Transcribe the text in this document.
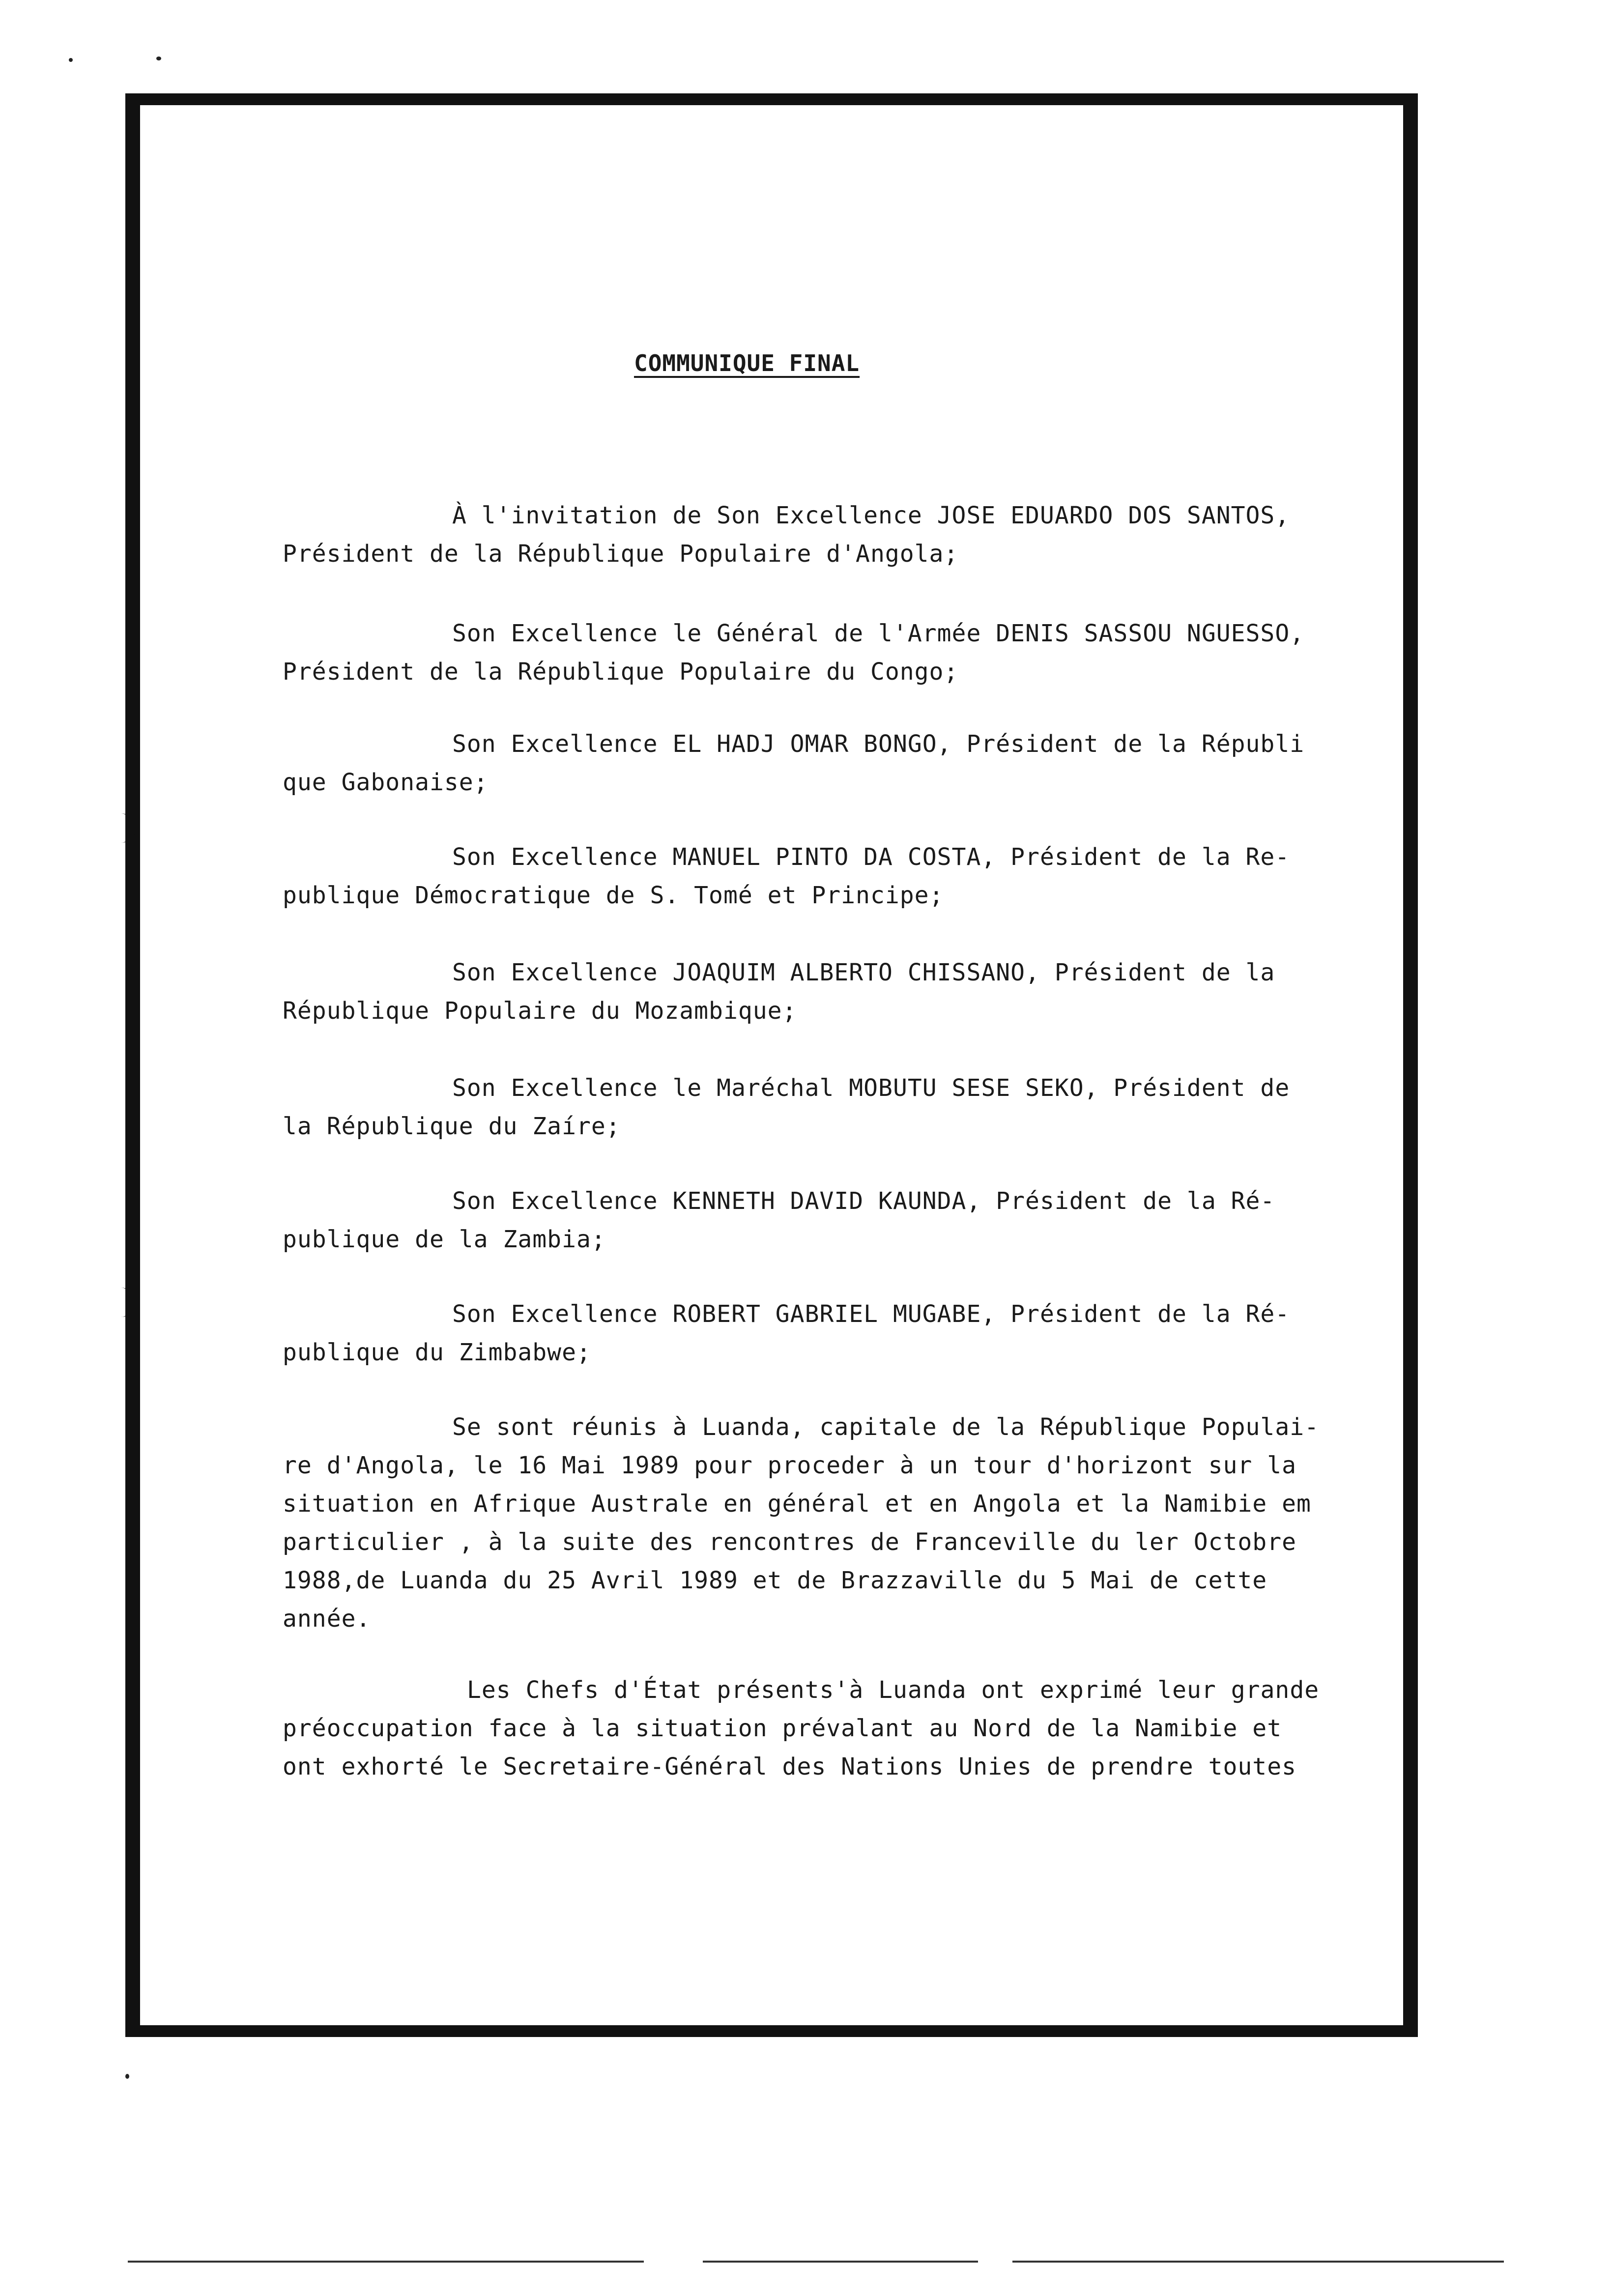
COMMUNIQUE FINAL
À l'invitation de Son Excellence JOSE EDUARDO DOS SANTOS,
Président de la République Populaire d'Angola;
Son Excellence le Général de l'Armée DENIS SASSOU NGUESSO,
Président de la République Populaire du Congo;
Son Excellence EL HADJ OMAR BONGO, Président de la Républi
que Gabonaise;
Son Excellence MANUEL PINTO DA COSTA, Président de la Re-
publique Démocratique de S. Tomé et Principe;
Son Excellence JOAQUIM ALBERTO CHISSANO, Président de la
République Populaire du Mozambique;
Son Excellence le Maréchal MOBUTU SESE SEKO, Président de
la République du Zaíre;
Son Excellence KENNETH DAVID KAUNDA, Président de la Ré-
publique de la Zambia;
Son Excellence ROBERT GABRIEL MUGABE, Président de la Ré-
publique du Zimbabwe;
Se sont réunis à Luanda, capitale de la République Populai-
re d'Angola, le 16 Mai 1989 pour proceder à un tour d'horizont sur la
situation en Afrique Australe en général et en Angola et la Namibie em
particulier , à la suite des rencontres de Franceville du ler Octobre
1988,de Luanda du 25 Avril 1989 et de Brazzaville du 5 Mai de cette
année.
Les Chefs d'État présents'à Luanda ont exprimé leur grande
préoccupation face à la situation prévalant au Nord de la Namibie et
ont exhorté le Secretaire-Général des Nations Unies de prendre toutes
